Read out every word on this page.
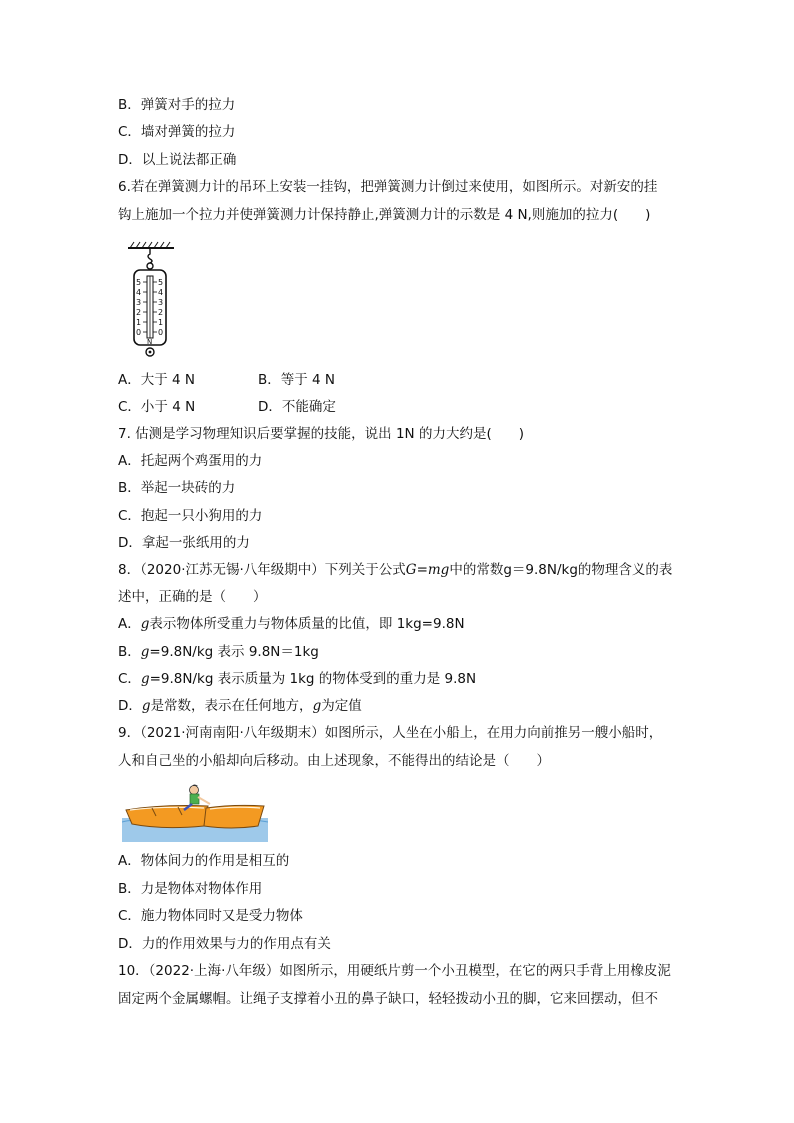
B．弹簧对手的拉力
C．墙对弹簧的拉力
D．以上说法都正确
6.若在弹簧测力计的吊环上安装一挂钩，把弹簧测力计倒过来使用，如图所示。对新安的挂
钩上施加一个拉力并使弹簧测力计保持静止,弹簧测力计的示数是 4 N,则施加的拉力(　　)
5
4
3
2
1
0
5
4
3
2
1
0
N
A．大于 4 N	B．等于 4 N
C．小于 4 N	D．不能确定
7. 估测是学习物理知识后要掌握的技能，说出 1N 的力大约是(　　)
A．托起两个鸡蛋用的力
B．举起一块砖的力
C．抱起一只小狗用的力
D．拿起一张纸用的力
8．（2020·江苏无锡·八年级期中）下列关于公式G=mg中的常数g＝9.8N/kg的物理含义的表
述中，正确的是（　　）
A．g表示物体所受重力与物体质量的比值，即 1kg=9.8N
B．g=9.8N/kg 表示 9.8N＝1kg
C．g=9.8N/kg 表示质量为 1kg 的物体受到的重力是 9.8N
D．g是常数，表示在任何地方，g为定值
9．（2021·河南南阳·八年级期末）如图所示，人坐在小船上，在用力向前推另一艘小船时，
人和自己坐的小船却向后移动。由上述现象，不能得出的结论是（　　）
A．物体间力的作用是相互的
B．力是物体对物体作用
C．施力物体同时又是受力物体
D．力的作用效果与力的作用点有关
10．（2022·上海·八年级）如图所示，用硬纸片剪一个小丑模型，在它的两只手背上用橡皮泥
固定两个金属螺帽。让绳子支撑着小丑的鼻子缺口，轻轻拨动小丑的脚，它来回摆动，但不
